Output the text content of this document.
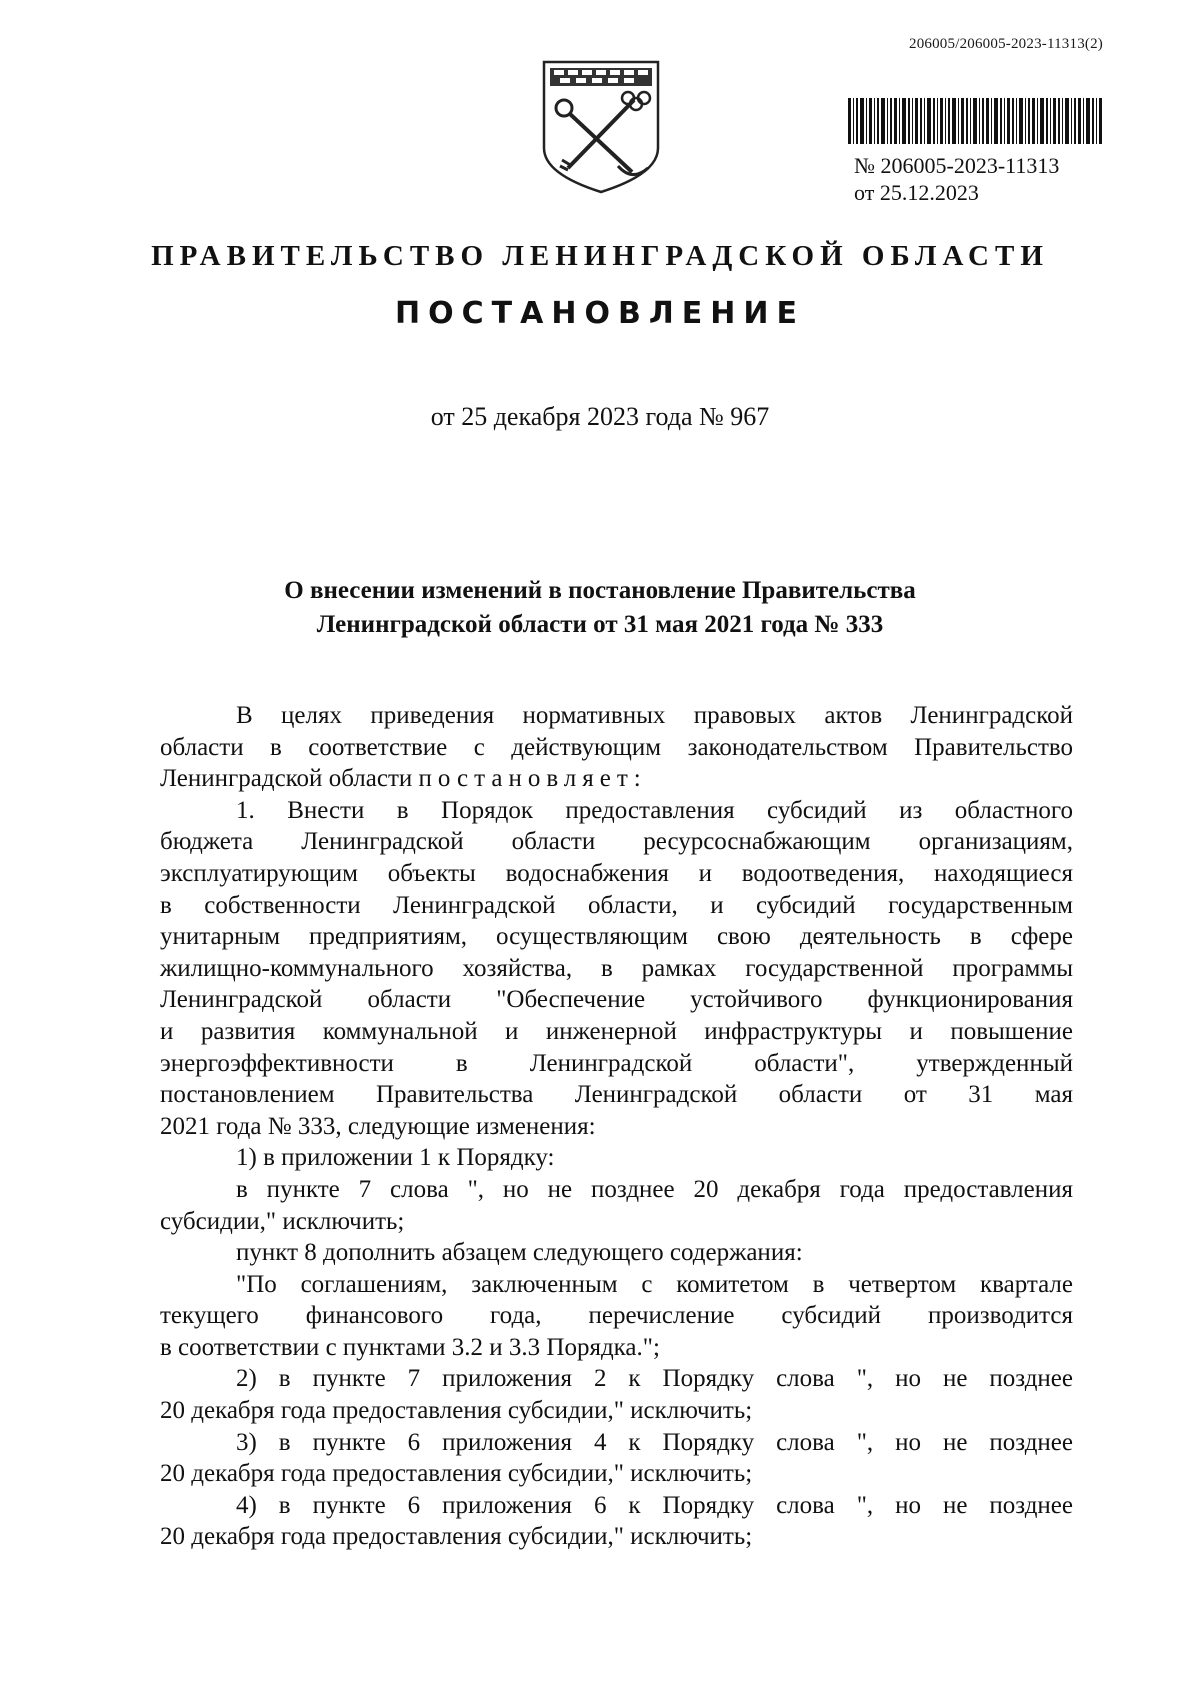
206005/206005-2023-11313(2)
№ 206005-2023-11313
от 25.12.2023
ПРАВИТЕЛЬСТВО ЛЕНИНГРАДСКОЙ ОБЛАСТИ
ПОСТАНОВЛЕНИЕ
от 25 декабря 2023 года № 967
О внесении изменений в постановление Правительства
Ленинградской области от 31 мая 2021 года № 333
В целях приведения нормативных правовых актов Ленинградской
области в соответствие с действующим законодательством Правительство
Ленинградской области постановляет:
1. Внести в Порядок предоставления субсидий из областного
бюджета Ленинградской области ресурсоснабжающим организациям,
эксплуатирующим объекты водоснабжения и водоотведения, находящиеся
в собственности Ленинградской области, и субсидий государственным
унитарным предприятиям, осуществляющим свою деятельность в сфере
жилищно-коммунального хозяйства, в рамках государственной программы
Ленинградской области "Обеспечение устойчивого функционирования
и развития коммунальной и инженерной инфраструктуры и повышение
энергоэффективности в Ленинградской области", утвержденный
постановлением Правительства Ленинградской области от 31 мая
2021 года № 333, следующие изменения:
1) в приложении 1 к Порядку:
в пункте 7 слова ", но не позднее 20 декабря года предоставления
субсидии," исключить;
пункт 8 дополнить абзацем следующего содержания:
"По соглашениям, заключенным с комитетом в четвертом квартале
текущего финансового года, перечисление субсидий производится
в соответствии с пунктами 3.2 и 3.3 Порядка.";
2) в пункте 7 приложения 2 к Порядку слова ", но не позднее
20 декабря года предоставления субсидии," исключить;
3) в пункте 6 приложения 4 к Порядку слова ", но не позднее
20 декабря года предоставления субсидии," исключить;
4) в пункте 6 приложения 6 к Порядку слова ", но не позднее
20 декабря года предоставления субсидии," исключить;
